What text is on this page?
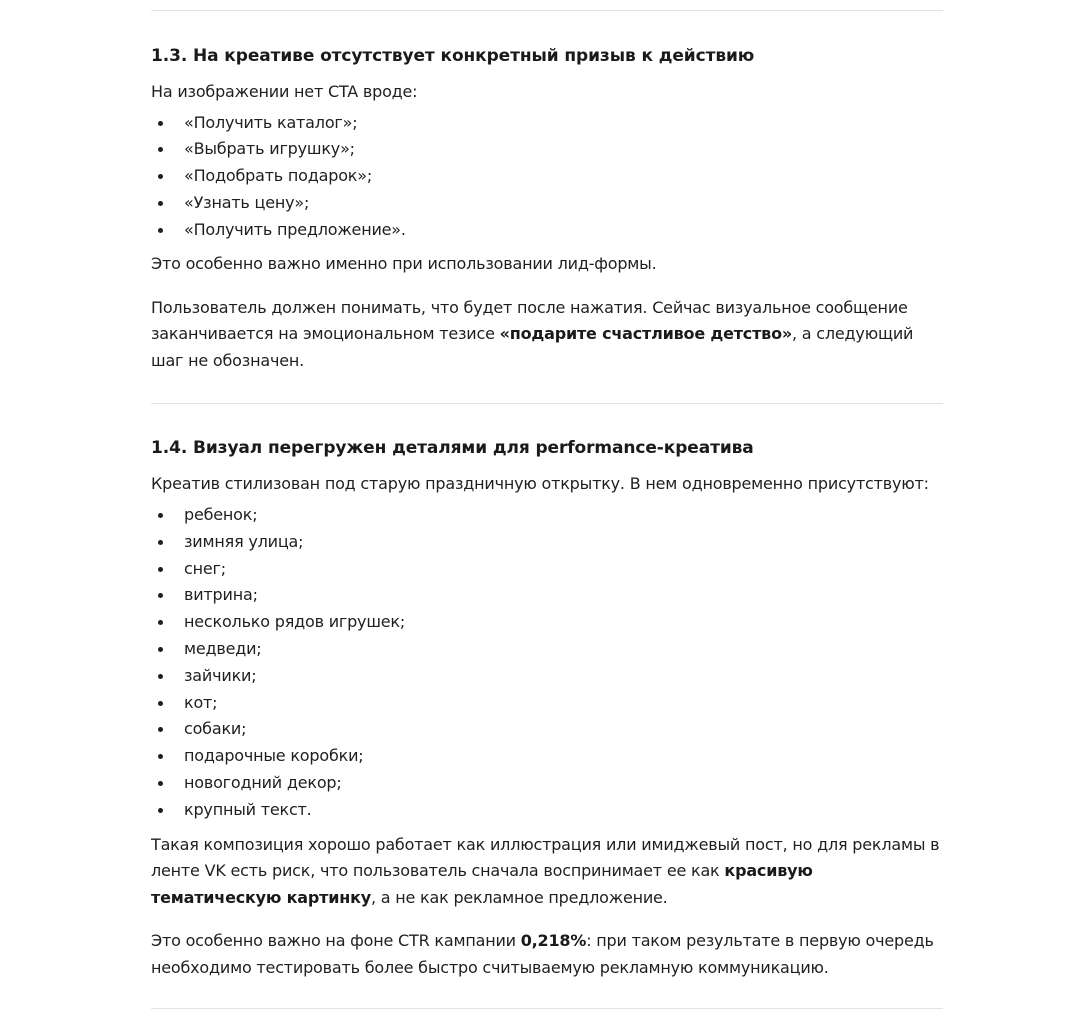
1.3. На креативе отсутствует конкретный призыв к действию

На изображении нет CTA вроде:

«Получить каталог»;
«Выбрать игрушку»;
«Подобрать подарок»;
«Узнать цену»;
«Получить предложение».

Это особенно важно именно при использовании лид-формы.

Пользователь должен понимать, что будет после нажатия. Сейчас визуальное сообщение заканчивается на эмоциональном тезисе «подарите счастливое детство», а следующий шаг не обозначен.

1.4. Визуал перегружен деталями для performance-креатива

Креатив стилизован под старую праздничную открытку. В нем одновременно присутствуют:

ребенок;
зимняя улица;
снег;
витрина;
несколько рядов игрушек;
медведи;
зайчики;
кот;
собаки;
подарочные коробки;
новогодний декор;
крупный текст.

Такая композиция хорошо работает как иллюстрация или имиджевый пост, но для рекламы в ленте VK есть риск, что пользователь сначала воспринимает ее как красивую тематическую картинку, а не как рекламное предложение.

Это особенно важно на фоне CTR кампании 0,218%: при таком результате в первую очередь необходимо тестировать более быстро считываемую рекламную коммуникацию.
